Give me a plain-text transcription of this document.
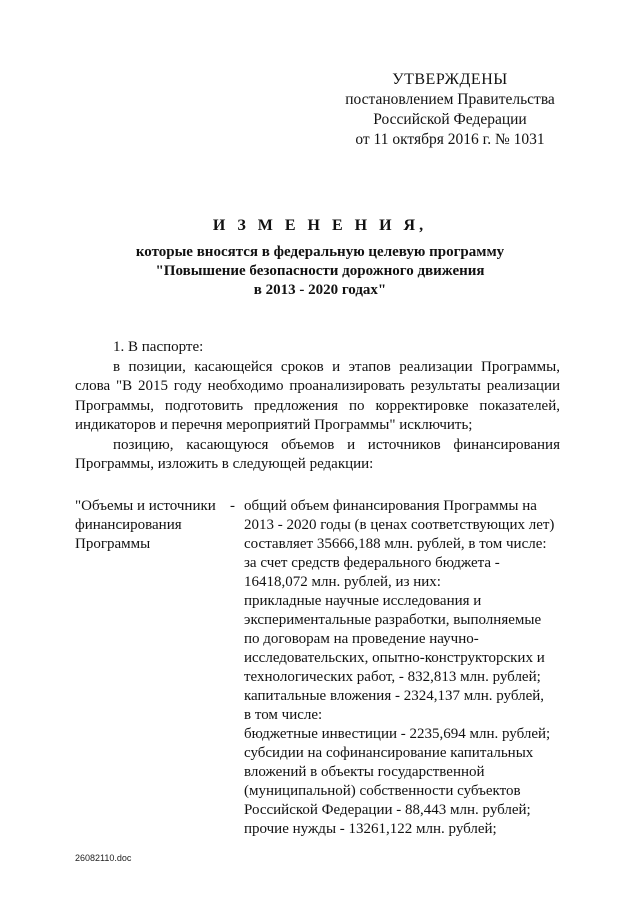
УТВЕРЖДЕНЫ
постановлением Правительства
Российской Федерации
от 11 октября 2016 г. № 1031
И З М Е Н Е Н И Я,
которые вносятся в федеральную целевую программу
"Повышение безопасности дорожного движения
в 2013 - 2020 годах"

1. В паспорте:

в позиции, касающейся сроков и этапов реализации Программы,

слова "В 2015 году необходимо проанализировать результаты реализации

Программы, подготовить предложения по корректировке показателей,

индикаторов и перечня мероприятий Программы" исключить;

позицию, касающуюся объемов и источников финансирования

Программы, изложить в следующей редакции:

"Объемы и источники
финансирования
Программы
- общий объем финансирования Программы на
2013 - 2020 годы (в ценах соответствующих лет)
составляет 35666,188 млн. рублей, в том числе:
за счет средств федерального бюджета -
16418,072 млн. рублей, из них:
прикладные научные исследования и
экспериментальные разработки, выполняемые
по договорам на проведение научно-
исследовательских, опытно-конструкторских и
технологических работ, - 832,813 млн. рублей;
капитальные вложения - 2324,137 млн. рублей,
в том числе:
бюджетные инвестиции - 2235,694 млн. рублей;
субсидии на софинансирование капитальных
вложений в объекты государственной
(муниципальной) собственности субъектов
Российской Федерации - 88,443 млн. рублей;
прочие нужды - 13261,122 млн. рублей;
26082110.doc
